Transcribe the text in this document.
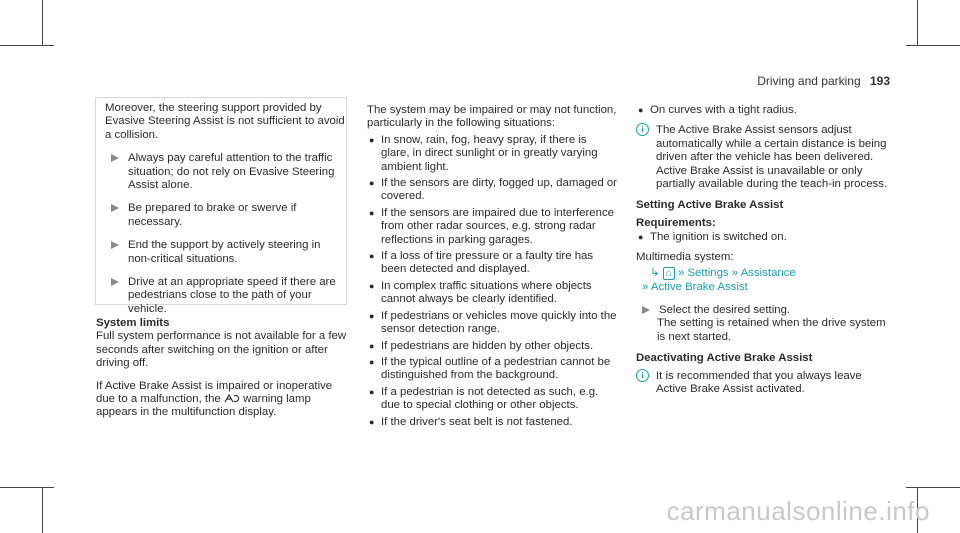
Driving and parking 193

Moreover, the steering support provided by Evasive Steering Assist is not sufficient to avoid a collision.

Always pay careful attention to the traffic situation; do not rely on Evasive Steering Assist alone.
Be prepared to brake or swerve if necessary.
End the support by actively steering in non-critical situations.
Drive at an appropriate speed if there are pedestrians close to the path of your vehicle.
System limits

Full system performance is not available for a few seconds after switching on the ignition or after driving off.

If Active Brake Assist is impaired or inoperative due to a malfunction, the warning lamp appears in the multifunction display.

The system may be impaired or may not function, particularly in the following situations:

● In snow, rain, fog, heavy spray, if there is glare, in direct sunlight or in greatly varying ambient light.
● If the sensors are dirty, fogged up, damaged or covered.
● If the sensors are impaired due to interference from other radar sources, e.g. strong radar reflections in parking garages.
● If a loss of tire pressure or a faulty tire has been detected and displayed.
● In complex traffic situations where objects cannot always be clearly identified.
● If pedestrians or vehicles move quickly into the sensor detection range.
● If pedestrians are hidden by other objects.
● If the typical outline of a pedestrian cannot be distinguished from the background.
● If a pedestrian is not detected as such, e.g. due to special clothing or other objects.
● If the driver's seat belt is not fastened.
● On curves with a tight radius.
i	The Active Brake Assist sensors adjust automatically while a certain distance is being driven after the vehicle has been delivered. Active Brake Assist is unavailable or only partially available during the teach-in process.
Setting Active Brake Assist
Requirements:
● The ignition is switched on.
Multimedia system:
↳ ⌂ » Settings » Assistance
» Active Brake Assist
Select the desired setting.
The setting is retained when the drive system is next started.
Deactivating Active Brake Assist
i	It is recommended that you always leave Active Brake Assist activated.
carmanualsonline.info
